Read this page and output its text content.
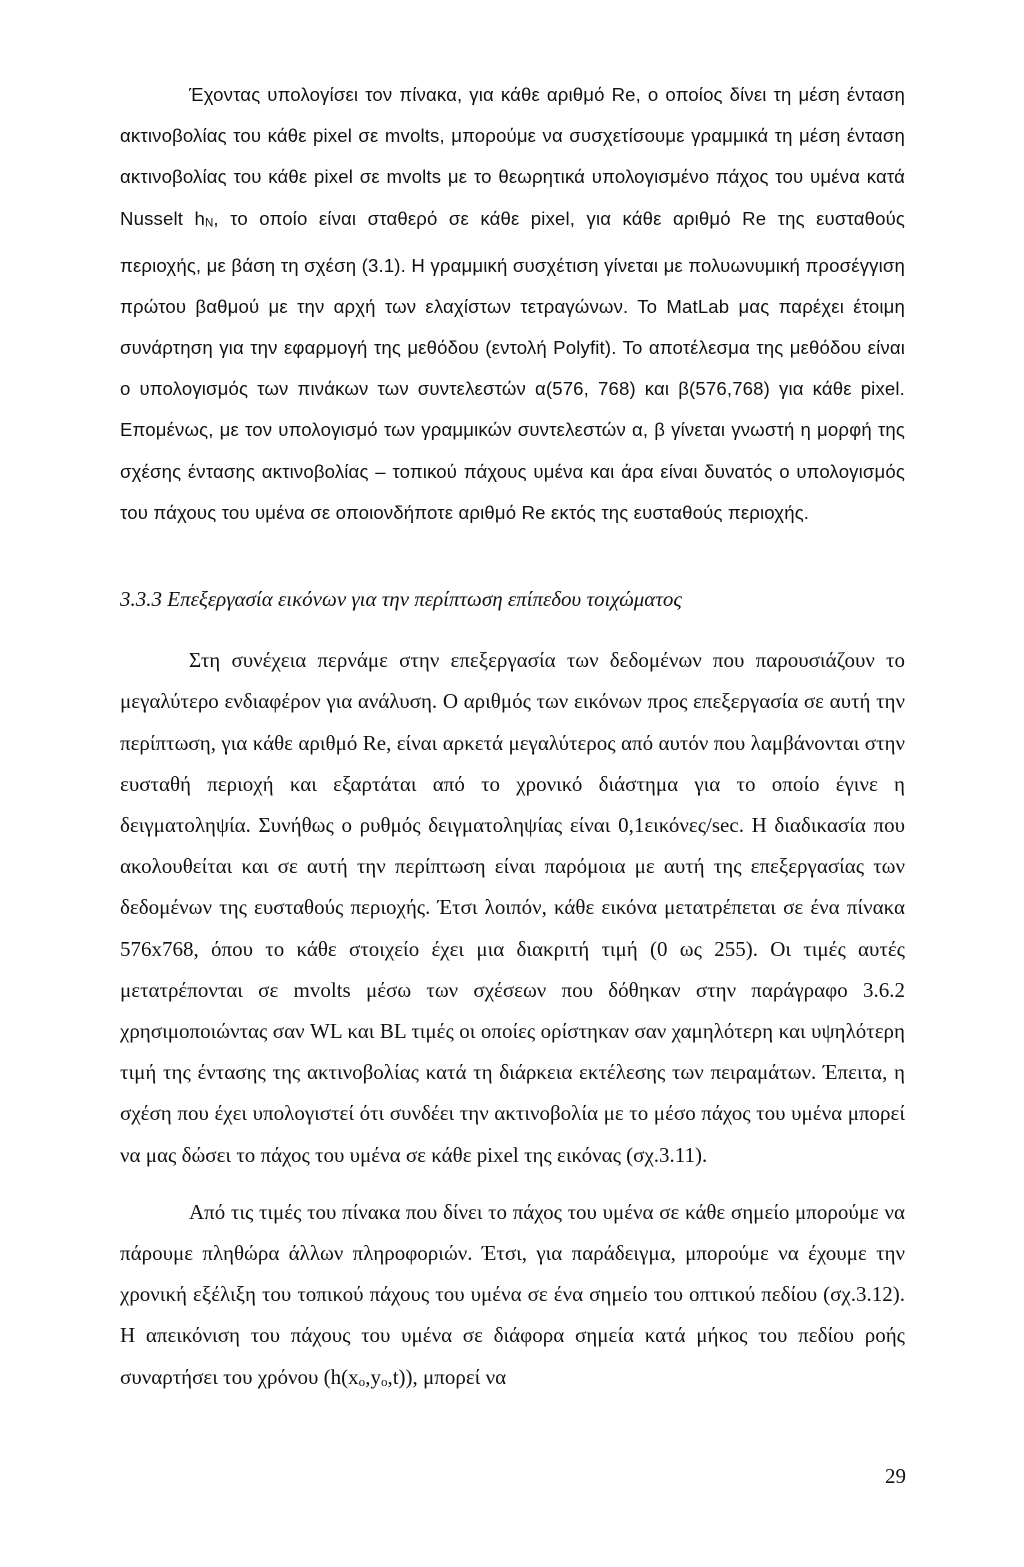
Έχοντας υπολογίσει τον πίνακα, για κάθε αριθμό Re, ο οποίος δίνει τη μέση ένταση ακτινοβολίας του κάθε pixel σε mvolts, μπορούμε να συσχετίσουμε γραμμικά τη μέση ένταση ακτινοβολίας του κάθε pixel σε mvolts με το θεωρητικά υπολογισμένο πάχος του υμένα κατά Nusselt $h_N$, το οποίο είναι σταθερό σε κάθε pixel, για κάθε αριθμό Re της ευσταθούς περιοχής, με βάση τη σχέση (3.1). Η γραμμική συσχέτιση γίνεται με πολυωνυμική προσέγγιση πρώτου βαθμού με την αρχή των ελαχίστων τετραγώνων. Το MatLab μας παρέχει έτοιμη συνάρτηση για την εφαρμογή της μεθόδου (εντολή Polyfit). Το αποτέλεσμα της μεθόδου είναι ο υπολογισμός των πινάκων των συντελεστών α(576, 768) και β(576,768) για κάθε pixel. Επομένως, με τον υπολογισμό των γραμμικών συντελεστών α, β γίνεται γνωστή η μορφή της σχέσης έντασης ακτινοβολίας – τοπικού πάχους υμένα και άρα είναι δυνατός ο υπολογισμός του πάχους του υμένα σε οποιονδήποτε αριθμό Re εκτός της ευσταθούς περιοχής.

3.3.3 Επεξεργασία εικόνων για την περίπτωση επίπεδου τοιχώματος

Στη συνέχεια περνάμε στην επεξεργασία των δεδομένων που παρουσιάζουν το μεγαλύτερο ενδιαφέρον για ανάλυση. Ο αριθμός των εικόνων προς επεξεργασία σε αυτή την περίπτωση, για κάθε αριθμό Re, είναι αρκετά μεγαλύτερος από αυτόν που λαμβάνονται στην ευσταθή περιοχή και εξαρτάται από το χρονικό διάστημα για το οποίο έγινε η δειγματοληψία. Συνήθως ο ρυθμός δειγματοληψίας είναι 0,1εικόνες/sec. Η διαδικασία που ακολουθείται και σε αυτή την περίπτωση είναι παρόμοια με αυτή της επεξεργασίας των δεδομένων της ευσταθούς περιοχής. Έτσι λοιπόν, κάθε εικόνα μετατρέπεται σε ένα πίνακα 576x768, όπου το κάθε στοιχείο έχει μια διακριτή τιμή (0 ως 255). Οι τιμές αυτές μετατρέπονται σε mvolts μέσω των σχέσεων που δόθηκαν στην παράγραφο 3.6.2 χρησιμοποιώντας σαν WL και BL τιμές οι οποίες ορίστηκαν σαν χαμηλότερη και υψηλότερη τιμή της έντασης της ακτινοβολίας κατά τη διάρκεια εκτέλεσης των πειραμάτων. Έπειτα, η σχέση που έχει υπολογιστεί ότι συνδέει την ακτινοβολία με το μέσο πάχος του υμένα μπορεί να μας δώσει το πάχος του υμένα σε κάθε pixel της εικόνας (σχ.3.11).

Από τις τιμές του πίνακα που δίνει το πάχος του υμένα σε κάθε σημείο μπορούμε να πάρουμε πληθώρα άλλων πληροφοριών. Έτσι, για παράδειγμα, μπορούμε να έχουμε την χρονική εξέλιξη του τοπικού πάχους του υμένα σε ένα σημείο του οπτικού πεδίου (σχ.3.12). Η απεικόνιση του πάχους του υμένα σε διάφορα σημεία κατά μήκος του πεδίου ροής συναρτήσει του χρόνου $(h(x_o,y_o,t))$, μπορεί να

29
